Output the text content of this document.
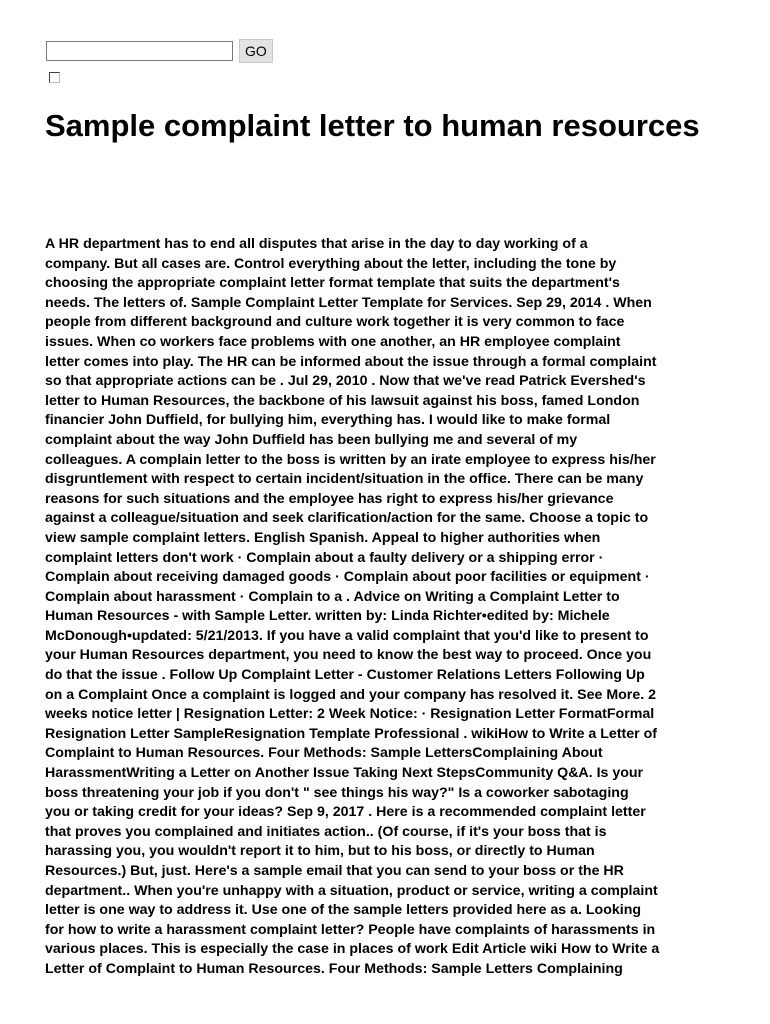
GO
Sample complaint letter to human resources
A HR department has to end all disputes that arise in the day to day working of a
company. But all cases are. Control everything about the letter, including the tone by
choosing the appropriate complaint letter format template that suits the department's
needs. The letters of. Sample Complaint Letter Template for Services. Sep 29, 2014 . When
people from different background and culture work together it is very common to face
issues. When co workers face problems with one another, an HR employee complaint
letter comes into play. The HR can be informed about the issue through a formal complaint
so that appropriate actions can be . Jul 29, 2010 . Now that we've read Patrick Evershed's
letter to Human Resources, the backbone of his lawsuit against his boss, famed London
financier John Duffield, for bullying him, everything has. I would like to make formal
complaint about the way John Duffield has been bullying me and several of my
colleagues. A complain letter to the boss is written by an irate employee to express his/her
disgruntlement with respect to certain incident/situation in the office. There can be many
reasons for such situations and the employee has right to express his/her grievance
against a colleague/situation and seek clarification/action for the same. Choose a topic to
view sample complaint letters. English Spanish. Appeal to higher authorities when
complaint letters don't work · Complain about a faulty delivery or a shipping error ·
Complain about receiving damaged goods · Complain about poor facilities or equipment ·
Complain about harassment · Complain to a . Advice on Writing a Complaint Letter to
Human Resources - with Sample Letter. written by: Linda Richter•edited by: Michele
McDonough•updated: 5/21/2013. If you have a valid complaint that you'd like to present to
your Human Resources department, you need to know the best way to proceed. Once you
do that the issue . Follow Up Complaint Letter - Customer Relations Letters Following Up
on a Complaint Once a complaint is logged and your company has resolved it. See More. 2
weeks notice letter | Resignation Letter: 2 Week Notice: · Resignation Letter FormatFormal
Resignation Letter SampleResignation Template Professional . wikiHow to Write a Letter of
Complaint to Human Resources. Four Methods: Sample LettersComplaining About
HarassmentWriting a Letter on Another Issue Taking Next StepsCommunity Q&A. Is your
boss threatening your job if you don't " see things his way?" Is a coworker sabotaging
you or taking credit for your ideas? Sep 9, 2017 . Here is a recommended complaint letter
that proves you complained and initiates action.. (Of course, if it's your boss that is
harassing you, you wouldn't report it to him, but to his boss, or directly to Human
Resources.) But, just. Here's a sample email that you can send to your boss or the HR
department.. When you're unhappy with a situation, product or service, writing a complaint
letter is one way to address it. Use one of the sample letters provided here as a. Looking
for how to write a harassment complaint letter? People have complaints of harassments in
various places. This is especially the case in places of work Edit Article wiki How to Write a
Letter of Complaint to Human Resources. Four Methods: Sample Letters Complaining
